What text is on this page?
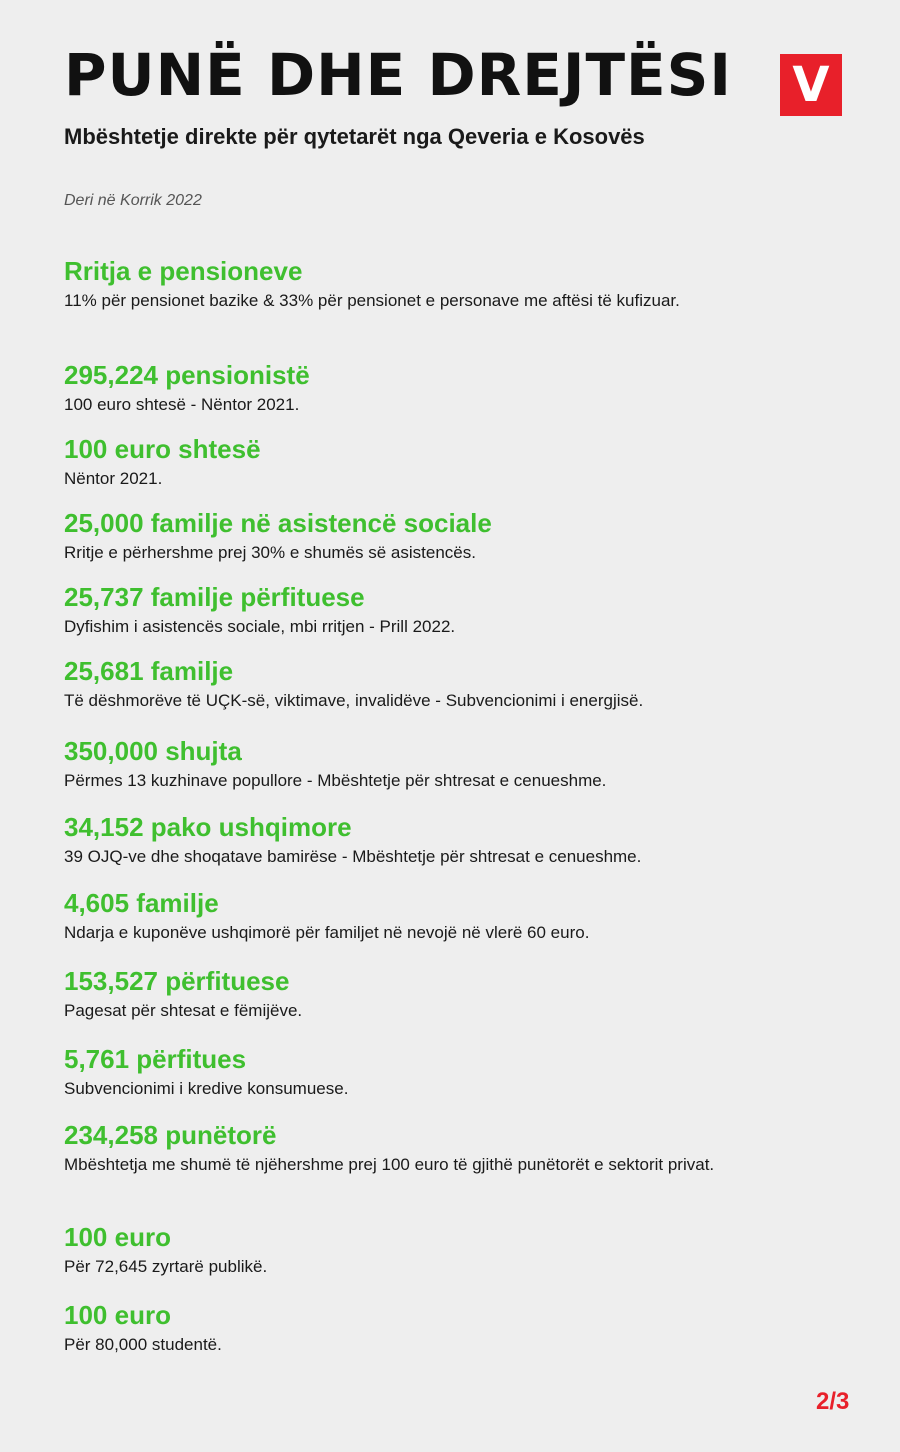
PUNË DHE DREJTËSI V
Mbështetje direkte për qytetarët nga Qeveria e Kosovës
Deri në Korrik 2022
Rritja e pensioneve
11% për pensionet bazike & 33% për pensionet e personave me aftësi të kufizuar.
295,224 pensionistë
100 euro shtesë - Nëntor 2021.
100 euro shtesë
Nëntor 2021.
25,000 familje në asistencë sociale
Rritje e përhershme prej 30% e shumës së asistencës.
25,737 familje përfituese
Dyfishim i asistencës sociale, mbi rritjen - Prill 2022.
25,681 familje
Të dëshmorëve të UÇK-së, viktimave, invalidëve - Subvencionimi i energjisë.
350,000 shujta
Përmes 13 kuzhinave popullore - Mbështetje për shtresat e cenueshme.
34,152 pako ushqimore
39 OJQ-ve dhe shoqatave bamirëse - Mbështetje për shtresat e cenueshme.
4,605 familje
Ndarja e kuponëve ushqimorë për familjet në nevojë në vlerë 60 euro.
153,527 përfituese
Pagesat për shtesat e fëmijëve.
5,761 përfitues
Subvencionimi i kredive konsumuese.
234,258 punëtorë
Mbështetja me shumë të njëhershme prej 100 euro të gjithë punëtorët e sektorit privat.
100 euro
Për 72,645 zyrtarë publikë.
100 euro
Për 80,000 studentë.
2/3
